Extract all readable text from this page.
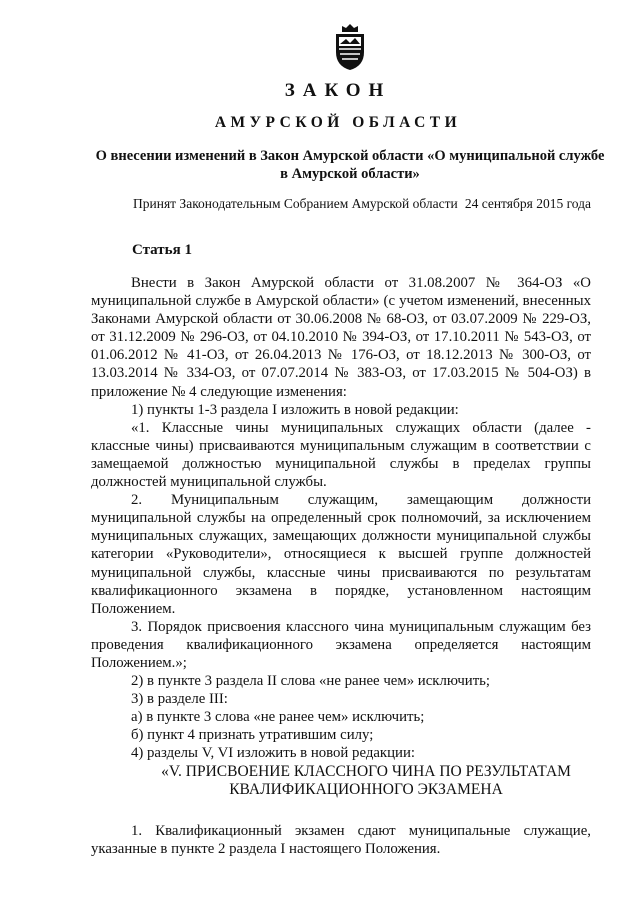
ЗАКОН
АМУРСКОЙ ОБЛАСТИ
О внесении изменений в Закон Амурской области «О муниципальной службе в Амурской области»
Принят Законодательным Собранием Амурской области 24 сентября 2015 года
Статья 1

Внести в Закон Амурской области от 31.08.2007 № 364-ОЗ «О муниципальной службе в Амурской области» (с учетом изменений, внесенных Законами Амурской области от 30.06.2008 № 68-ОЗ, от 03.07.2009 № 229-ОЗ, от 31.12.2009 № 296-ОЗ, от 04.10.2010 № 394-ОЗ, от 17.10.2011 № 543-ОЗ, от 01.06.2012 № 41-ОЗ, от 26.04.2013 № 176-ОЗ, от 18.12.2013 № 300-ОЗ, от 13.03.2014 № 334-ОЗ, от 07.07.2014 № 383-ОЗ, от 17.03.2015 № 504-ОЗ) в приложение № 4 следующие изменения:

1) пункты 1-3 раздела I изложить в новой редакции:

«1. Классные чины муниципальных служащих области (далее - классные чины) присваиваются муниципальным служащим в соответствии с замещаемой должностью муниципальной службы в пределах группы должностей муниципальной службы.

2. Муниципальным служащим, замещающим должности муниципальной службы на определенный срок полномочий, за исключением муниципальных служащих, замещающих должности муниципальной службы категории «Руководители», относящиеся к высшей группе должностей муниципальной службы, классные чины присваиваются по результатам квалификационного экзамена в порядке, установленном настоящим Положением.

3. Порядок присвоения классного чина муниципальным служащим без проведения квалификационного экзамена определяется настоящим Положением.»;

2) в пункте 3 раздела II слова «не ранее чем» исключить;

3) в разделе III:

а) в пункте 3 слова «не ранее чем» исключить;

б) пункт 4 признать утратившим силу;

4) разделы V, VI изложить в новой редакции:

«V. ПРИСВОЕНИЕ КЛАССНОГО ЧИНА ПО РЕЗУЛЬТАТАМ
КВАЛИФИКАЦИОННОГО ЭКЗАМЕНА

1. Квалификационный экзамен сдают муниципальные служащие, указанные в пункте 2 раздела I настоящего Положения.
